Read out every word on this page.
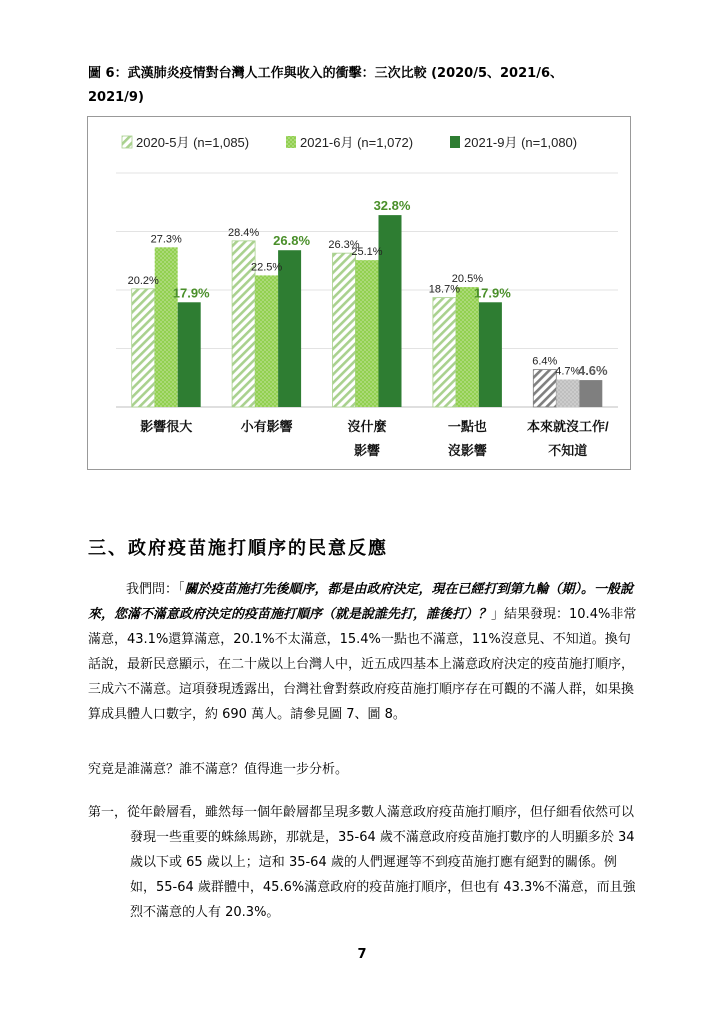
圖 6：武漢肺炎疫情對台灣人工作與收入的衝擊：三次比較 (2020/5、2021/6、
2021/9)
2020-5月 (n=1,085)	2021-6月 (n=1,072)	2021-9月 (n=1,080)
20.2%
27.3%
17.9%
28.4%
22.5%
26.8% 26.3%
25.1%
32.8%
18.7%
20.5%
17.9%
6.4%
4.7%
4.6%
影響很大	小有影響	沒什麼
影響
一點也
沒影響
本來就沒工作/
不知道
三、政府疫苗施打順序的民意反應
我們問：「關於疫苗施打先後順序，都是由政府決定，現在已經打到第九輪（期）。一般說來，您滿不滿意政府決定的疫苗施打順序（就是說誰先打，誰後打）？」結果發現：10.4%非常滿意，43.1%還算滿意，20.1%不太滿意，15.4%一點也不滿意，11%沒意見、不知道。換句話說，最新民意顯示，在二十歲以上台灣人中，近五成四基本上滿意政府決定的疫苗施打順序，三成六不滿意。這項發現透露出，台灣社會對蔡政府疫苗施打順序存在可觀的不滿人群，如果換算成具體人口數字，約 690 萬人。請參見圖 7、圖 8。
究竟是誰滿意？誰不滿意？值得進一步分析。
第一，從年齡層看，雖然每一個年齡層都呈現多數人滿意政府疫苗施打順序，但仔細看依然可以發現一些重要的蛛絲馬跡，那就是，35-64 歲不滿意政府疫苗施打數序的人明顯多於 34 歲以下或 65 歲以上；這和 35-64 歲的人們遲遲等不到疫苗施打應有絕對的關係。例如，55-64 歲群體中，45.6%滿意政府的疫苗施打順序，但也有 43.3%不滿意，而且強烈不滿意的人有 20.3%。
7
